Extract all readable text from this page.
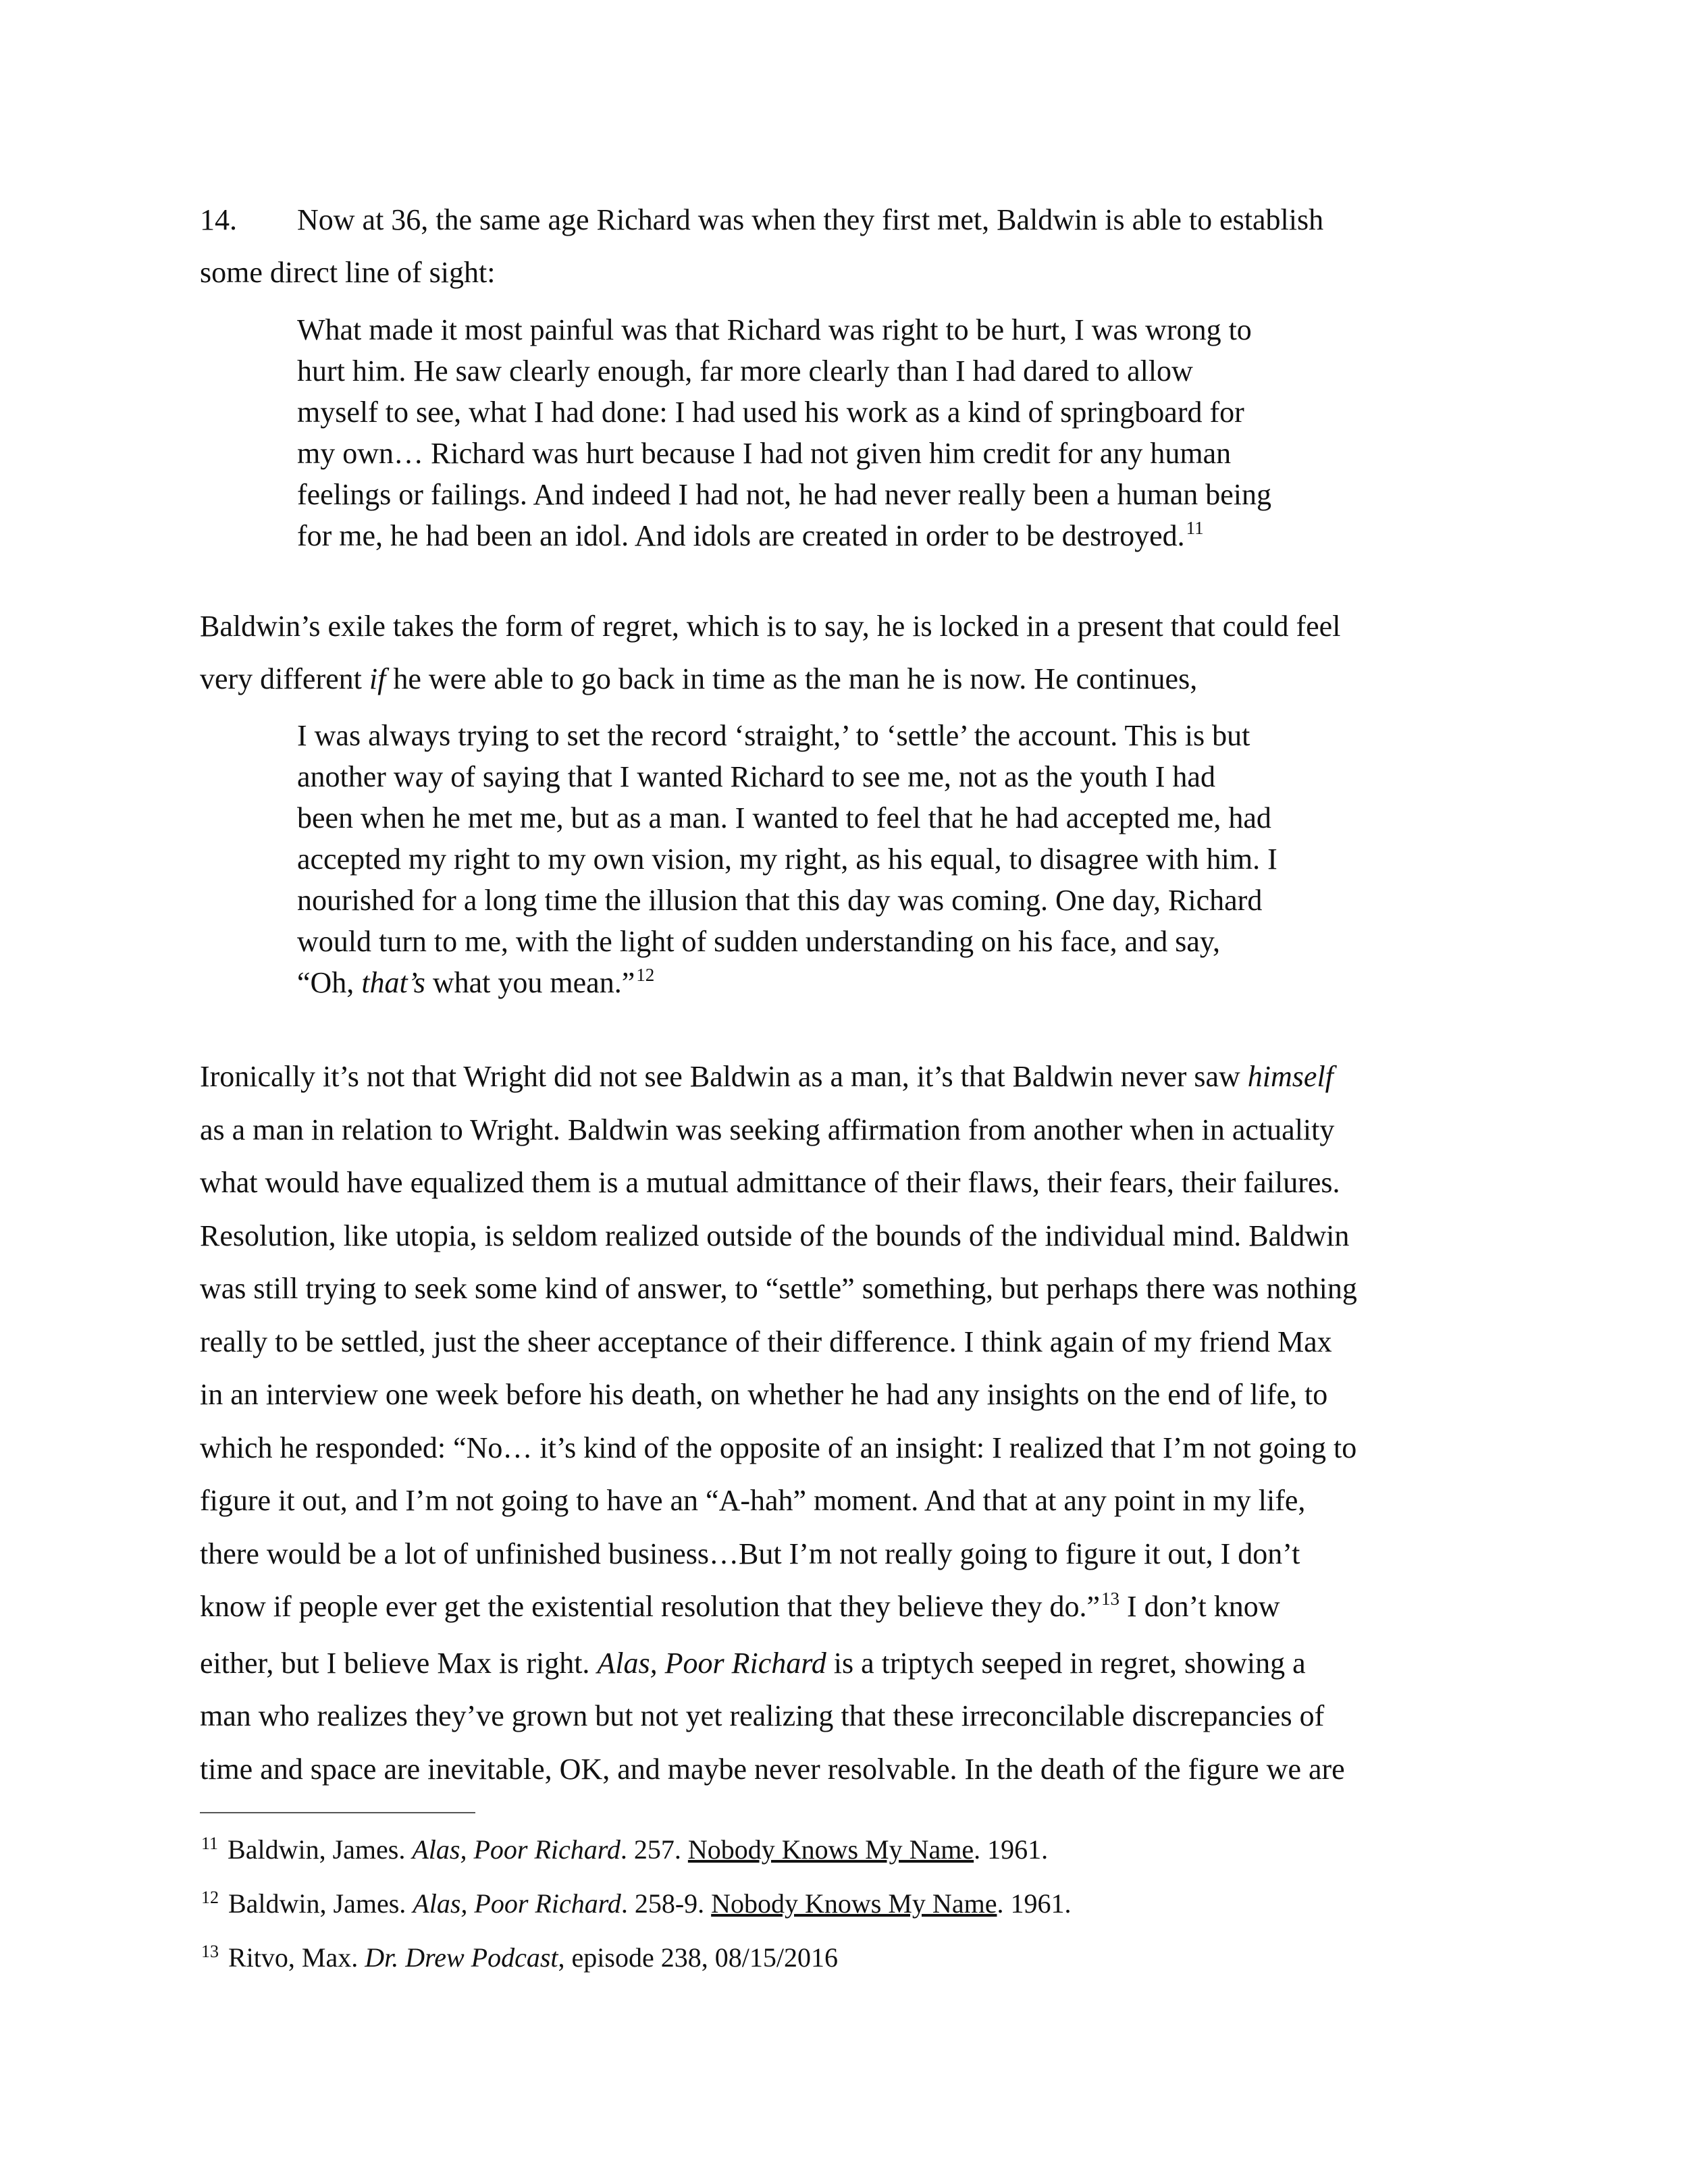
14. Now at 36, the same age Richard was when they first met, Baldwin is able to establish
some direct line of sight:
What made it most painful was that Richard was right to be hurt, I was wrong to
hurt him. He saw clearly enough, far more clearly than I had dared to allow
myself to see, what I had done: I had used his work as a kind of springboard for
my own… Richard was hurt because I had not given him credit for any human
feelings or failings. And indeed I had not, he had never really been a human being
for me, he had been an idol. And idols are created in order to be destroyed.$^{11}$
Baldwin’s exile takes the form of regret, which is to say, he is locked in a present that could feel
very different if he were able to go back in time as the man he is now. He continues,
I was always trying to set the record ‘straight,’ to ‘settle’ the account. This is but
another way of saying that I wanted Richard to see me, not as the youth I had
been when he met me, but as a man. I wanted to feel that he had accepted me, had
accepted my right to my own vision, my right, as his equal, to disagree with him. I
nourished for a long time the illusion that this day was coming. One day, Richard
would turn to me, with the light of sudden understanding on his face, and say,
“Oh, that’s what you mean.”$^{12}$
Ironically it’s not that Wright did not see Baldwin as a man, it’s that Baldwin never saw himself
as a man in relation to Wright. Baldwin was seeking affirmation from another when in actuality
what would have equalized them is a mutual admittance of their flaws, their fears, their failures.
Resolution, like utopia, is seldom realized outside of the bounds of the individual mind. Baldwin
was still trying to seek some kind of answer, to “settle” something, but perhaps there was nothing
really to be settled, just the sheer acceptance of their difference. I think again of my friend Max
in an interview one week before his death, on whether he had any insights on the end of life, to
which he responded: “No… it’s kind of the opposite of an insight: I realized that I’m not going to
figure it out, and I’m not going to have an “A-hah” moment. And that at any point in my life,
there would be a lot of unfinished business…But I’m not really going to figure it out, I don’t
know if people ever get the existential resolution that they believe they do.”$^{13}$ I don’t know
either, but I believe Max is right. Alas, Poor Richard is a triptych seeped in regret, showing a
man who realizes they’ve grown but not yet realizing that these irreconcilable discrepancies of
time and space are inevitable, OK, and maybe never resolvable. In the death of the figure we are
$^{11}$ Baldwin, James. Alas, Poor Richard. 257. Nobody Knows My Name. 1961.
$^{12}$ Baldwin, James. Alas, Poor Richard. 258-9. Nobody Knows My Name. 1961.
$^{13}$ Ritvo, Max. Dr. Drew Podcast, episode 238, 08/15/2016
